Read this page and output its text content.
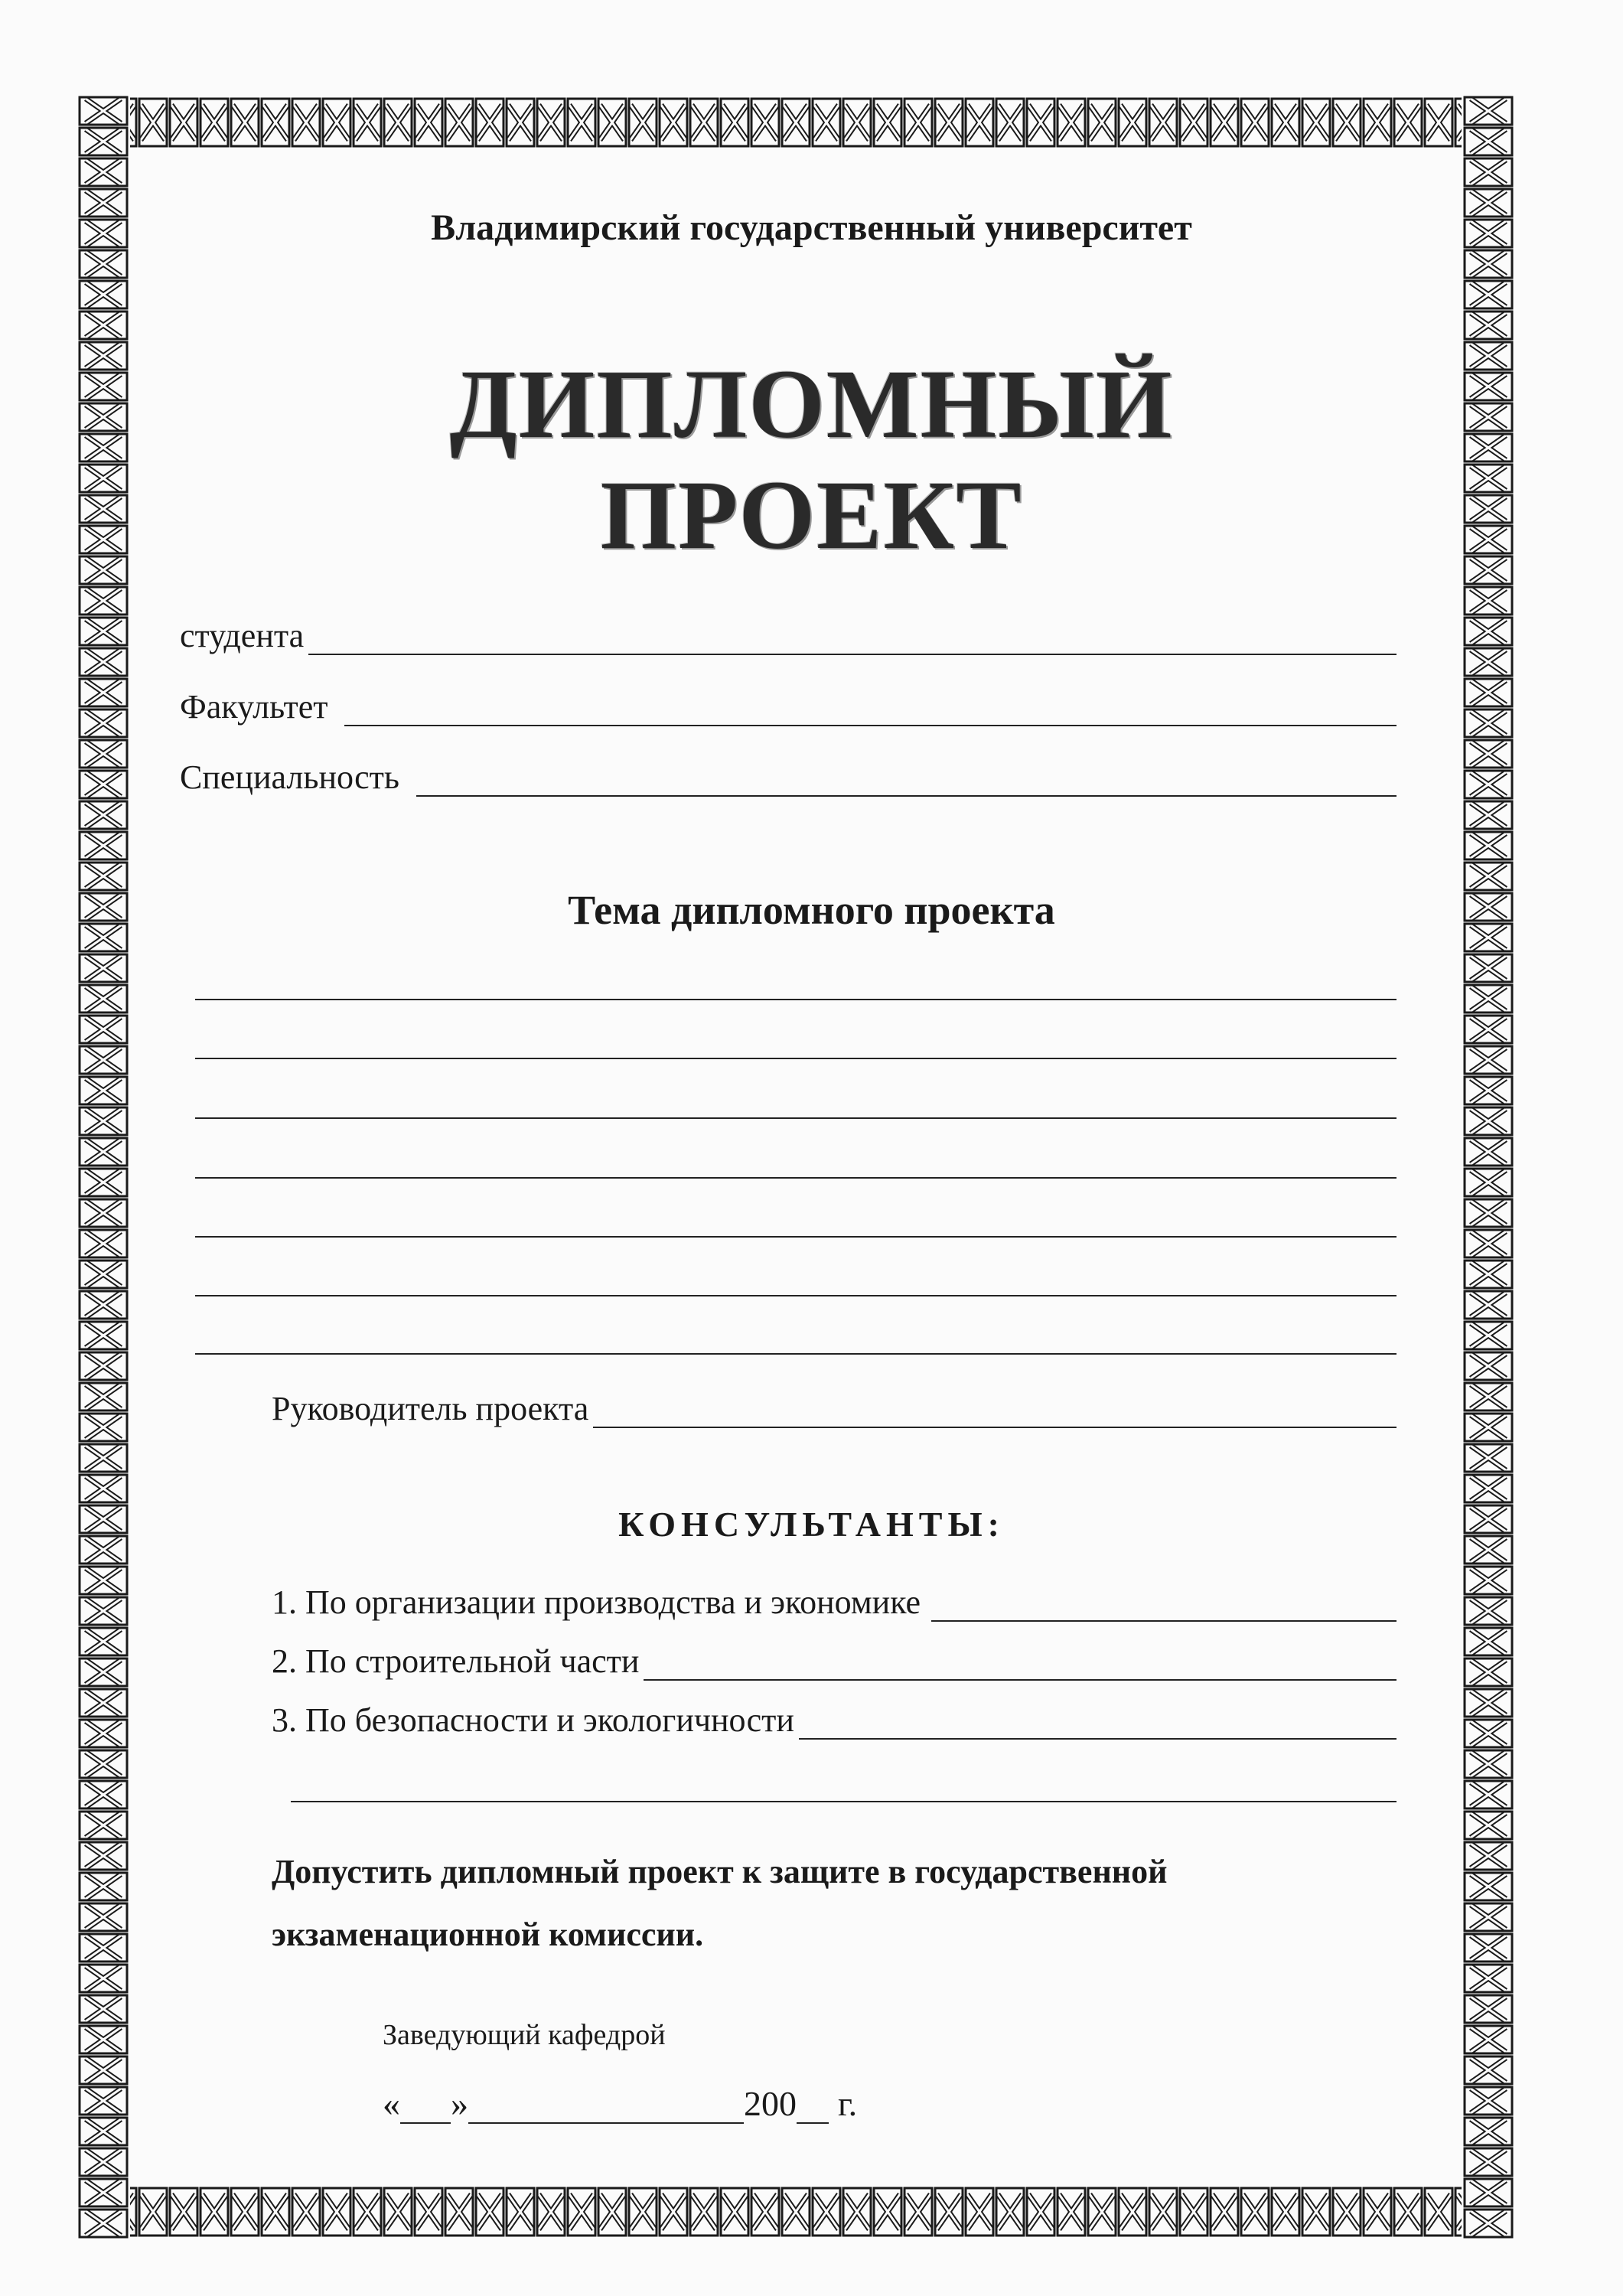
Владимирский государственный университет
ДИПЛОМНЫЙ
ПРОЕКТ
студента
Факультет
Специальность
Тема дипломного проекта
Руководитель проекта
КОНСУЛЬТАНТЫ:
1. По организации производства и экономике
2. По строительной части
3. По безопасности и экологичности
Допустить дипломный проект к защите в государственной
экзаменационной комиссии.
Заведующий кафедрой
« »	200 г.
